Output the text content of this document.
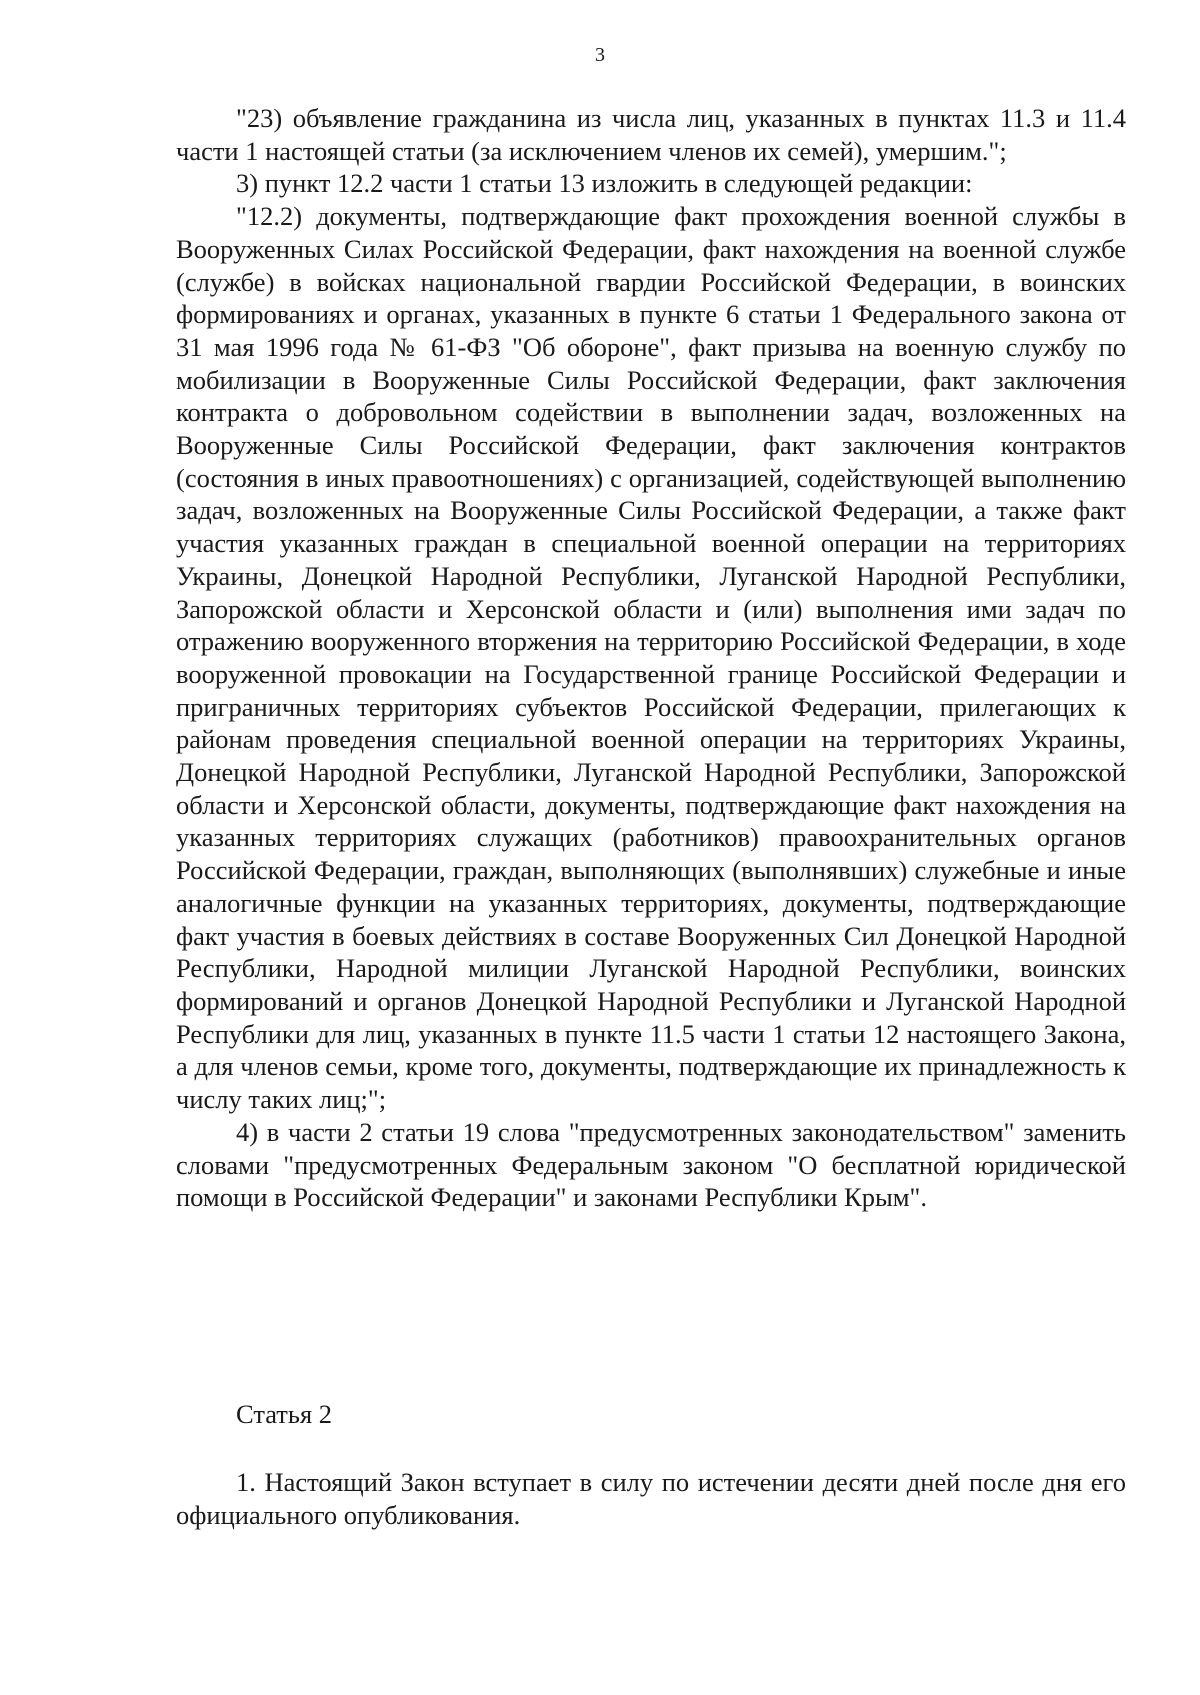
3

"23) объявление гражданина из числа лиц, указанных в пунктах 11.3 и 11.4 части 1 настоящей статьи (за исключением членов их семей), умершим.";

3) пункт 12.2 части 1 статьи 13 изложить в следующей редакции:

"12.2) документы, подтверждающие факт прохождения военной службы в Вооруженных Силах Российской Федерации, факт нахождения на военной службе (службе) в войсках национальной гвардии Российской Федерации, в воинских формированиях и органах, указанных в пункте 6 статьи 1 Федерального закона от 31 мая 1996 года № 61-ФЗ "Об обороне", факт призыва на военную службу по мобилизации в Вооруженные Силы Российской Федерации, факт заключения контракта о добровольном содействии в выполнении задач, возложенных на Вооруженные Силы Российской Федерации, факт заключения контрактов (состояния в иных правоотношениях) с организацией, содействующей выполнению задач, возложенных на Вооруженные Силы Российской Федерации, а также факт участия указанных граждан в специальной военной операции на территориях Украины, Донецкой Народной Республики, Луганской Народной Республики, Запорожской области и Херсонской области и (или) выполнения ими задач по отражению вооруженного вторжения на территорию Российской Федерации, в ходе вооруженной провокации на Государственной границе Российской Федерации и приграничных территориях субъектов Российской Федерации, прилегающих к районам проведения специальной военной операции на территориях Украины, Донецкой Народной Республики, Луганской Народной Республики, Запорожской области и Херсонской области, документы, подтверждающие факт нахождения на указанных территориях служащих (работников) правоохранительных органов Российской Федерации, граждан, выполняющих (выполнявших) служебные и иные аналогичные функции на указанных территориях, документы, подтверждающие факт участия в боевых действиях в составе Вооруженных Сил Донецкой Народной Республики, Народной милиции Луганской Народной Республики, воинских формирований и органов Донецкой Народной Республики и Луганской Народной Республики для лиц, указанных в пункте 11.5 части 1 статьи 12 настоящего Закона, а для членов семьи, кроме того, документы, подтверждающие их принадлежность к числу таких лиц;";

4) в части 2 статьи 19 слова "предусмотренных законодательством" заменить словами "предусмотренных Федеральным законом "О бесплатной юридической помощи в Российской Федерации" и законами Республики Крым".

Статья 2

1. Настоящий Закон вступает в силу по истечении десяти дней после дня его официального опубликования.
